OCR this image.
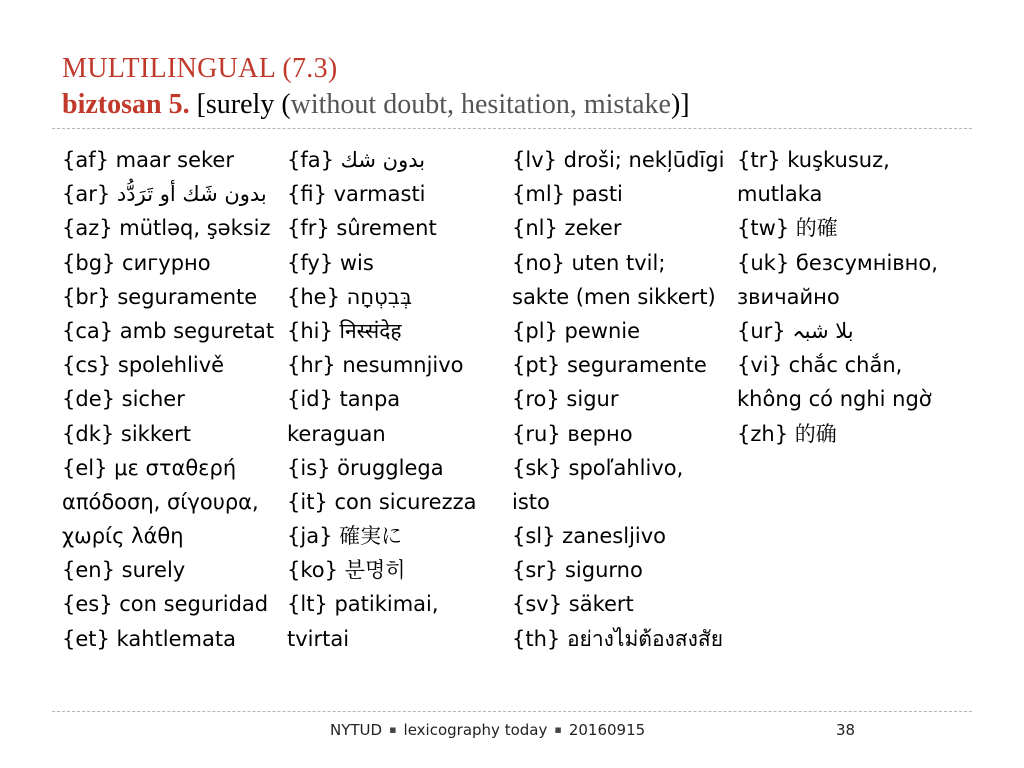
MULTILINGUAL (7.3)
biztosan 5. [surely (without doubt, hesitation, mistake)]
{af} maar seker
{ar} بدون شَك أو تَرَدُّد
{az} mütləq, şəksiz
{bg} сигурно
{br} seguramente
{ca} amb seguretat
{cs} spolehlivě
{de} sicher
{dk} sikkert
{el} με σταθερή
απόδοση, σίγουρα,
χωρίς λάθη
{en} surely
{es} con seguridad
{et} kahtlemata
{fa} بدون شك
{fi} varmasti
{fr} sûrement
{fy} wis
{he} בְּבִטְחָה
{hi} निस्संदेह
{hr} nesumnjivo
{id} tanpa
keraguan
{is} örugglega
{it} con sicurezza
{ja} 確実に
{ko} 분명히
{lt} patikimai,
tvirtai
{lv} droši; nekļūdīgi
{ml} pasti
{nl} zeker
{no} uten tvil;
sakte (men sikkert)
{pl} pewnie
{pt} seguramente
{ro} sigur
{ru} верно
{sk} spoľahlivo,
isto
{sl} zanesljivo
{sr} sigurno
{sv} säkert
{th} อย่างไม่ต้องสงสัย
{tr} kuşkusuz,
mutlaka
{tw} 的確
{uk} безсумнівно,
звичайно
{ur} بلا شبہ
{vi} chắc chắn,
không có nghi ngờ
{zh} 的确
NYTUD ▪ lexicography today ▪ 20160915	38
